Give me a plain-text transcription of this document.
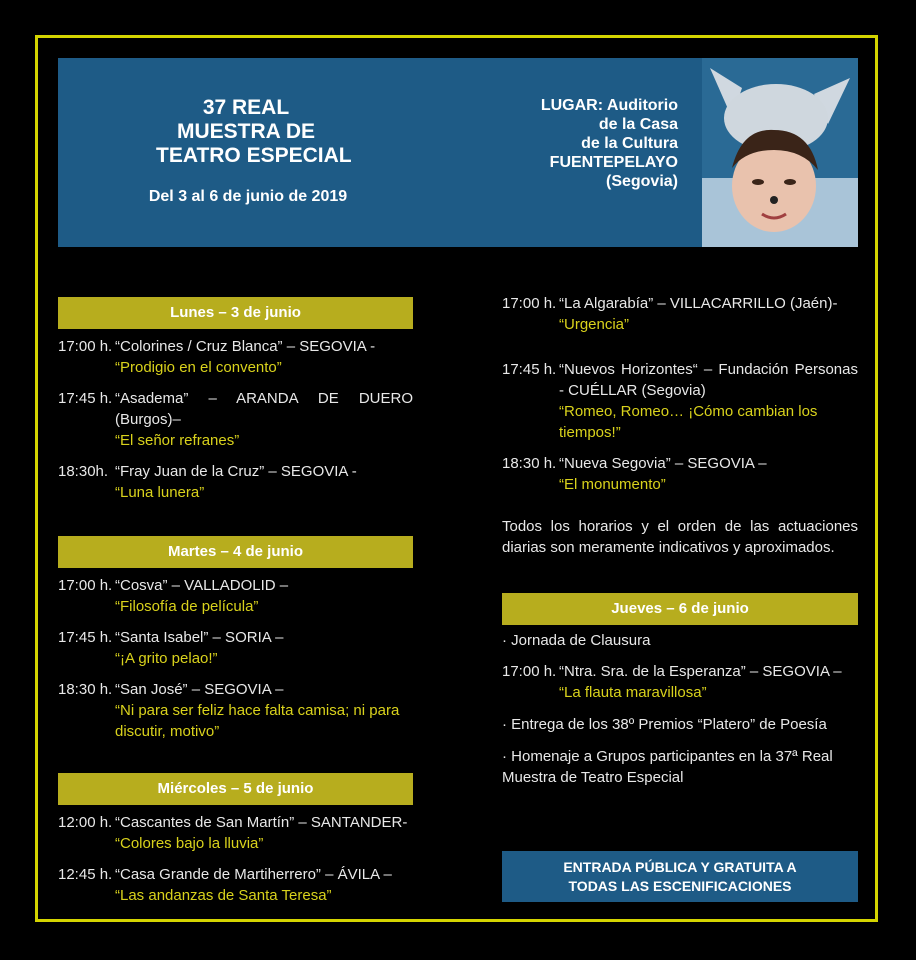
37 REAL
MUESTRA DE
TEATRO ESPECIAL
Del 3 al 6 de junio de 2019
LUGAR: Auditorio
de la Casa
de la Cultura
FUENTEPELAYO
(Segovia)
Lunes – 3 de junio
17:00 h. “Colorines / Cruz Blanca” – SEGOVIA -
“Prodigio en el convento”
17:45 h. “Asadema” – ARANDA DE DUERO (Burgos)–
“El señor refranes”
18:30h. “Fray Juan de la Cruz” – SEGOVIA -
“Luna lunera”
Martes – 4 de junio
17:00 h. “Cosva” – VALLADOLID –
“Filosofía de película”
17:45 h. “Santa Isabel” – SORIA –
“¡A grito pelao!”
18:30 h. “San José” – SEGOVIA –
“Ni para ser feliz hace falta camisa; ni para discutir, motivo”
Miércoles – 5 de junio
12:00 h. “Cascantes de San Martín” – SANTANDER-
“Colores bajo la lluvia”
12:45 h. “Casa Grande de Martiherrero” – ÁVILA –
“Las andanzas de Santa Teresa”
17:00 h. “La Algarabía” – VILLACARRILLO (Jaén)-
“Urgencia”
17:45 h. “Nuevos Horizontes“ – Fundación Personas - CUÉLLAR (Segovia)
“Romeo, Romeo… ¡Cómo cambian los tiempos!”
18:30 h. “Nueva Segovia” – SEGOVIA –
“El monumento”
Todos los horarios y el orden de las actuaciones diarias son meramente indicativos y aproximados.
Jueves – 6 de junio
· Jornada de Clausura
17:00 h. “Ntra. Sra. de la Esperanza” – SEGOVIA –
“La flauta maravillosa”
· Entrega de los 38º Premios “Platero” de Poesía
· Homenaje a Grupos participantes en la 37ª Real Muestra de Teatro Especial
ENTRADA PÚBLICA Y GRATUITA A
TODAS LAS ESCENIFICACIONES
